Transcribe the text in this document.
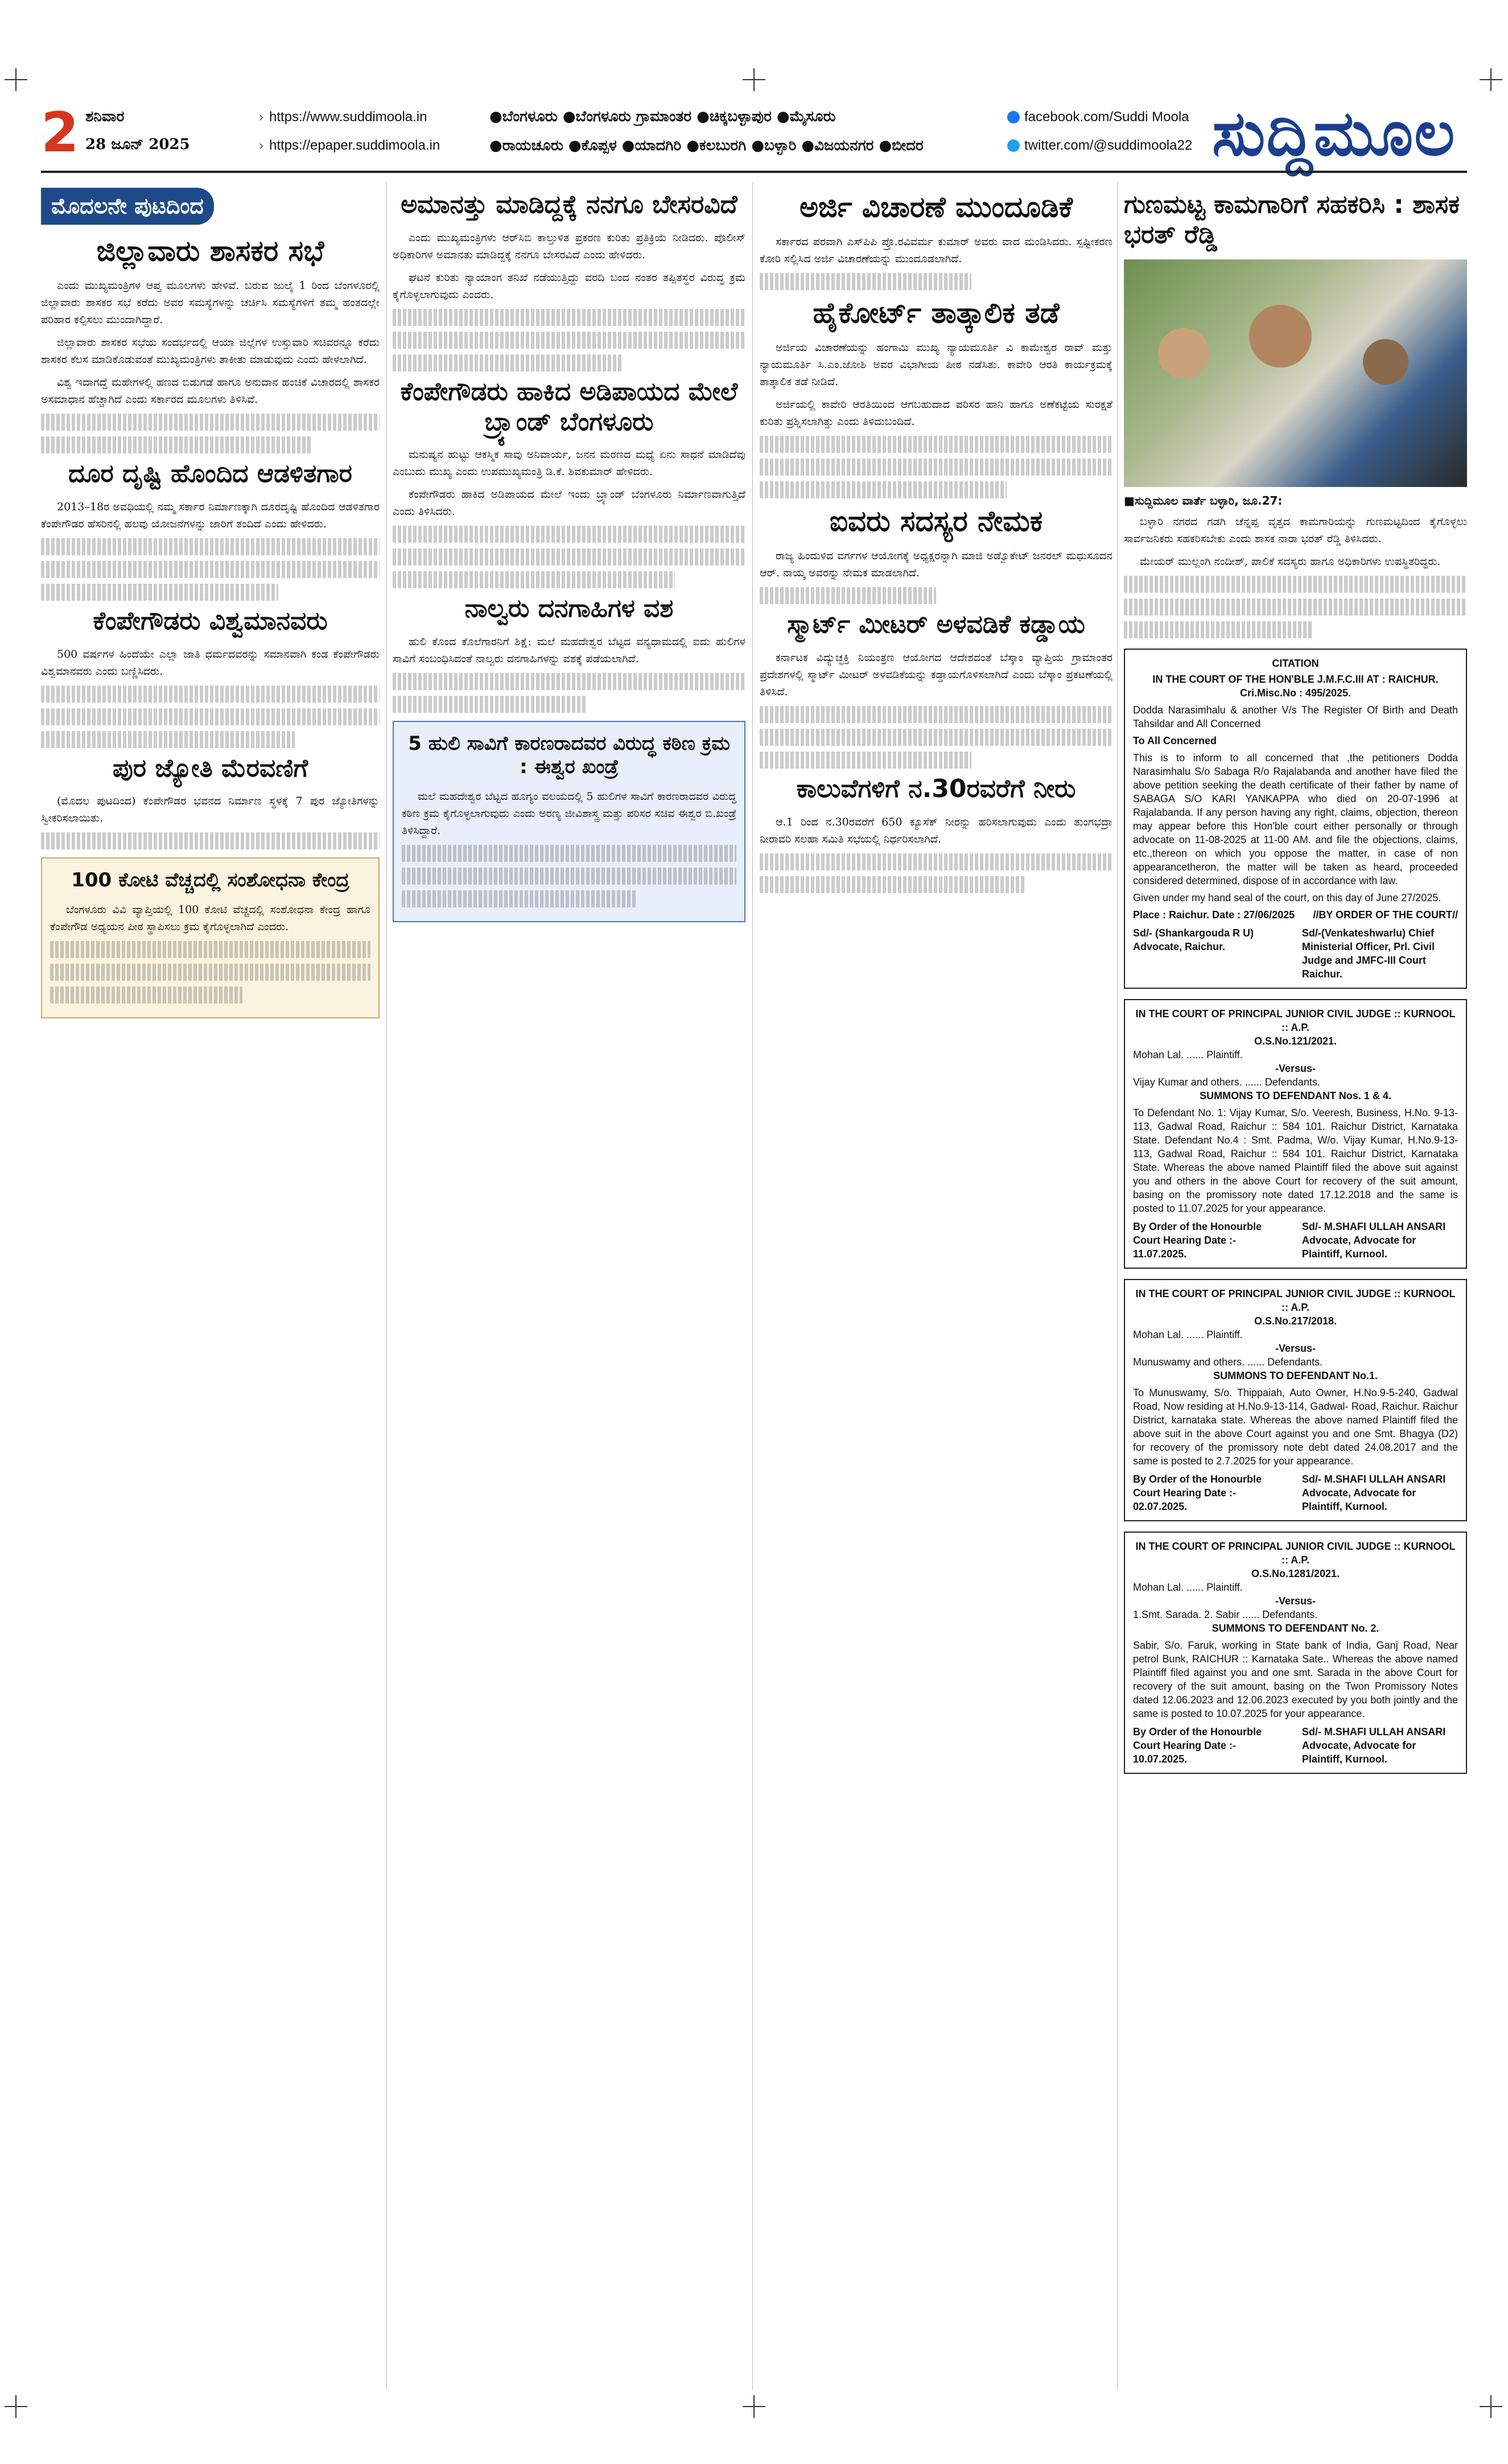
2 ಶನಿವಾರ
28 ಜೂನ್ 2025
› https://www.suddimoola.in
› https://epaper.suddimoola.in
●ಬೆಂಗಳೂರು ●ಬೆಂಗಳೂರು ಗ್ರಾಮಾಂತರ ●ಚಿಕ್ಕಬಳ್ಳಾಪುರ ●ಮೈಸೂರು
●ರಾಯಚೂರು ●ಕೊಪ್ಪಳ ●ಯಾದಗಿರಿ ●ಕಲಬುರಗಿ ●ಬಳ್ಳಾರಿ ●ವಿಜಯನಗರ ●ಬೀದರ
facebook.com/Suddi Moola
twitter.com/@suddimoola22 ಸುದ್ದಿಮೂಲ
ಮೊದಲನೇ ಪುಟದಿಂದ
ಜಿಲ್ಲಾವಾರು ಶಾಸಕರ ಸಭೆ

ಎಂದು ಮುಖ್ಯಮಂತ್ರಿಗಳ ಆಪ್ತ ಮೂಲಗಳು ಹೇಳಿವೆ. ಬರುವ ಜುಲೈ 1 ರಿಂದ ಬೆಂಗಳೂರಲ್ಲಿ ಜಿಲ್ಲಾವಾರು ಶಾಸಕರ ಸಭೆ ಕರೆದು ಅವರ ಸಮಸ್ಯೆಗಳನ್ನು ಚರ್ಚಿಸಿ ಸಮಸ್ಯೆಗಳಿಗೆ ತಮ್ಮ ಹಂತದಲ್ಲೇ ಪರಿಹಾರ ಕಲ್ಪಿಸಲು ಮುಂದಾಗಿದ್ದಾರೆ.

ಜಿಲ್ಲಾವಾರು ಶಾಸಕರ ಸಭೆಯ ಸಂದರ್ಭದಲ್ಲಿ ಆಯಾ ಜಿಲ್ಲೆಗಳ ಉಸ್ತುವಾರಿ ಸಚಿವರನ್ನೂ ಕರೆದು ಶಾಸಕರ ಕೆಲಸ ಮಾಡಿಕೊಡುವಂತೆ ಮುಖ್ಯಮಂತ್ರಿಗಳು ತಾಕೀತು ಮಾಡುವುದು ಎಂದು ಹೇಳಲಾಗಿದೆ.

ವಿಶ್ವ ಇದಾಗದ್ದೆ ಮಹೇಗಳಲ್ಲಿ ಹಣದ ಬಿಡುಗಡೆ ಹಾಗೂ ಅನುದಾನ ಹಂಚಿಕೆ ವಿಚಾರದಲ್ಲಿ ಶಾಸಕರ ಅಸಮಾಧಾನ ಹೆಚ್ಚಾಗಿದೆ ಎಂದು ಸರ್ಕಾರದ ಮೂಲಗಳು ತಿಳಿಸಿವೆ.

ದೂರ ದೃಷ್ಟಿ ಹೊಂದಿದ ಆಡಳಿತಗಾರ

2013–18ರ ಅವಧಿಯಲ್ಲಿ ನಮ್ಮ ಸರ್ಕಾರ ನಿರ್ಮಾಣಕ್ಕಾಗಿ ದೂರದೃಷ್ಟಿ ಹೊಂದಿದ ಆಡಳಿತಗಾರ ಕೆಂಪೇಗೌಡರ ಹೆಸರಿನಲ್ಲಿ ಹಲವು ಯೋಜನೆಗಳನ್ನು ಜಾರಿಗೆ ತಂದಿದೆ ಎಂದು ಹೇಳಿದರು.

ಕೆಂಪೇಗೌಡರು ವಿಶ್ವಮಾನವರು

500 ವರ್ಷಗಳ ಹಿಂದೆಯೇ ಎಲ್ಲಾ ಜಾತಿ ಧರ್ಮದವರನ್ನು ಸಮಾನವಾಗಿ ಕಂಡ ಕೆಂಪೇಗೌಡರು ವಿಶ್ವಮಾನವರು ಎಂದು ಬಣ್ಣಿಸಿದರು.

ಪುರ ಜ್ಯೋತಿ ಮೆರವಣಿಗೆ

(ಮೊದಲ ಪುಟದಿಂದ) ಕೆಂಪೇಗೌಡರ ಭವನದ ನಿರ್ಮಾಣ ಸ್ಥಳಕ್ಕೆ 7 ಪುರ ಜ್ಯೋತಿಗಳನ್ನು ಸ್ವೀಕರಿಸಲಾಯಿತು.

100 ಕೋಟಿ ವೆಚ್ಚದಲ್ಲಿ ಸಂಶೋಧನಾ ಕೇಂದ್ರ

ಬೆಂಗಳೂರು ವಿವಿ ವ್ಯಾಪ್ತಿಯಲ್ಲಿ 100 ಕೋಟಿ ವೆಚ್ಚದಲ್ಲಿ ಸಂಶೋಧನಾ ಕೇಂದ್ರ ಹಾಗೂ ಕೆಂಪೇಗೌಡ ಅಧ್ಯಯನ ಪೀಠ ಸ್ಥಾಪಿಸಲು ಕ್ರಮ ಕೈಗೊಳ್ಳಲಾಗಿದೆ ಎಂದರು.

ಅಮಾನತ್ತು ಮಾಡಿದ್ದಕ್ಕೆ ನನಗೂ ಬೇಸರವಿದೆ

ಎಂದು ಮುಖ್ಯಮಂತ್ರಿಗಳು ಆರ್‌ಸಿಬಿ ಕಾಲ್ತುಳಿತ ಪ್ರಕರಣ ಕುರಿತು ಪ್ರತಿಕ್ರಿಯೆ ನೀಡಿದರು. ಪೊಲೀಸ್ ಅಧಿಕಾರಿಗಳ ಅಮಾನತು ಮಾಡಿದ್ದಕ್ಕೆ ನನಗೂ ಬೇಸರವಿದೆ ಎಂದು ಹೇಳಿದರು.

ಘಟನೆ ಕುರಿತು ನ್ಯಾಯಾಂಗ ತನಿಖೆ ನಡೆಯುತ್ತಿದ್ದು ವರದಿ ಬಂದ ನಂತರ ತಪ್ಪಿತಸ್ಥರ ವಿರುದ್ಧ ಕ್ರಮ ಕೈಗೊಳ್ಳಲಾಗುವುದು ಎಂದರು.

ಕೆಂಪೇಗೌಡರು ಹಾಕಿದ ಅಡಿಪಾಯದ ಮೇಲೆ ಬ್ರ್ಯಾಂಡ್ ಬೆಂಗಳೂರು

ಮನುಷ್ಯನ ಹುಟ್ಟು ಆಕಸ್ಮಿಕ ಸಾವು ಅನಿವಾರ್ಯ, ಜನನ ಮರಣದ ಮಧ್ಯೆ ಏನು ಸಾಧನೆ ಮಾಡಿದೆವು ಎಂಬುದು ಮುಖ್ಯ ಎಂದು ಉಪಮುಖ್ಯಮಂತ್ರಿ ಡಿ.ಕೆ. ಶಿವಕುಮಾರ್ ಹೇಳಿದರು.

ಕೆಂಪೇಗೌಡರು ಹಾಕಿದ ಅಡಿಪಾಯದ ಮೇಲೆ ಇಂದು ಬ್ರ್ಯಾಂಡ್ ಬೆಂಗಳೂರು ನಿರ್ಮಾಣವಾಗುತ್ತಿದೆ ಎಂದು ತಿಳಿಸಿದರು.

ನಾಲ್ವರು ದನಗಾಹಿಗಳ ವಶ

ಹುಲಿ ಕೊಂದ ಕೊಲೆಗಾರನಿಗೆ ಶಿಕ್ಷೆ: ಮಲೆ ಮಹದೇಶ್ವರ ಬೆಟ್ಟದ ವನ್ಯಧಾಮದಲ್ಲಿ ಐದು ಹುಲಿಗಳ ಸಾವಿಗೆ ಸಂಬಂಧಿಸಿದಂತೆ ನಾಲ್ವರು ದನಗಾಹಿಗಳನ್ನು ವಶಕ್ಕೆ ಪಡೆಯಲಾಗಿದೆ.

5 ಹುಲಿ ಸಾವಿಗೆ ಕಾರಣರಾದವರ ವಿರುದ್ಧ ಕಠಿಣ ಕ್ರಮ : ಈಶ್ವರ ಖಂಡ್ರೆ

ಮಲೆ ಮಹದೇಶ್ವರ ಬೆಟ್ಟದ ಹೂಗ್ಯಂ ವಲಯದಲ್ಲಿ 5 ಹುಲಿಗಳ ಸಾವಿಗೆ ಕಾರಣರಾದವರ ವಿರುದ್ಧ ಕಠಿಣ ಕ್ರಮ ಕೈಗೊಳ್ಳಲಾಗುವುದು ಎಂದು ಅರಣ್ಯ ಜೀವಿಶಾಸ್ತ್ರ ಮತ್ತು ಪರಿಸರ ಸಚಿವ ಈಶ್ವರ ಬಿ.ಖಂಡ್ರೆ ತಿಳಿಸಿದ್ದಾರೆ.

ಅರ್ಜಿ ವಿಚಾರಣೆ ಮುಂದೂಡಿಕೆ

ಸರ್ಕಾರದ ಪರವಾಗಿ ಎಸ್‌ಪಿಪಿ ಪ್ರೊ.ರವಿವರ್ಮ ಕುಮಾರ್ ಅವರು ವಾದ ಮಂಡಿಸಿದರು. ಸ್ಪಷ್ಟೀಕರಣ ಕೋರಿ ಸಲ್ಲಿಸಿದ ಅರ್ಜಿ ವಿಚಾರಣೆಯನ್ನು ಮುಂದೂಡಲಾಗಿದೆ.

ಹೈಕೋರ್ಟ್ ತಾತ್ಕಾಲಿಕ ತಡೆ

ಅರ್ಜಿಯ ವಿಚಾರಣೆಯನ್ನು ಹಂಗಾಮಿ ಮುಖ್ಯ ನ್ಯಾಯಮೂರ್ತಿ ವಿ ಕಾಮೇಶ್ವರ ರಾವ್ ಮತ್ತು ನ್ಯಾಯಮೂರ್ತಿ ಸಿ.ಎಂ.ಜೋಶಿ ಅವರ ವಿಭಾಗೀಯ ಪೀಠ ನಡೆಸಿತು. ಕಾವೇರಿ ಆರತಿ ಕಾರ್ಯಕ್ರಮಕ್ಕೆ ತಾತ್ಕಾಲಿಕ ತಡೆ ನೀಡಿದೆ.

ಅರ್ಜಿಯಲ್ಲಿ ಕಾವೇರಿ ಆರತಿಯಿಂದ ಆಗಬಹುದಾದ ಪರಿಸರ ಹಾನಿ ಹಾಗೂ ಅಣೆಕಟ್ಟೆಯ ಸುರಕ್ಷತೆ ಕುರಿತು ಪ್ರಶ್ನಿಸಲಾಗಿತ್ತು ಎಂದು ತಿಳಿದುಬಂದಿದೆ.

ಐವರು ಸದಸ್ಯರ ನೇಮಕ

ರಾಜ್ಯ ಹಿಂದುಳಿದ ವರ್ಗಗಳ ಆಯೋಗಕ್ಕೆ ಅಧ್ಯಕ್ಷರನ್ನಾಗಿ ಮಾಜಿ ಅಡ್ವೊಕೇಟ್ ಜನರಲ್ ಮಧುಸೂದನ ಆರ್. ನಾಯ್ಕ ಅವರನ್ನು ನೇಮಕ ಮಾಡಲಾಗಿದೆ.

ಸ್ಮಾರ್ಟ್ ಮೀಟರ್ ಅಳವಡಿಕೆ ಕಡ್ಡಾಯ

ಕರ್ನಾಟಕ ವಿದ್ಯುಚ್ಛಕ್ತಿ ನಿಯಂತ್ರಣ ಆಯೋಗದ ಆದೇಶದಂತೆ ಬೆಸ್ಕಾಂ ವ್ಯಾಪ್ತಿಯ ಗ್ರಾಮಾಂತರ ಪ್ರದೇಶಗಳಲ್ಲಿ ಸ್ಮಾರ್ಟ್ ಮೀಟರ್ ಅಳವಡಿಕೆಯನ್ನು ಕಡ್ಡಾಯಗೊಳಿಸಲಾಗಿದೆ ಎಂದು ಬೆಸ್ಕಾಂ ಪ್ರಕಟಣೆಯಲ್ಲಿ ತಿಳಿಸಿದೆ.

ಕಾಲುವೆಗಳಿಗೆ ನ.30ರವರೆಗೆ ನೀರು

ಆ.1 ರಿಂದ ನ.30ರವರೆಗೆ 650 ಕ್ಯೂಸೆಕ್ ನೀರನ್ನು ಹರಿಸಲಾಗುವುದು ಎಂದು ತುಂಗಭದ್ರಾ ನೀರಾವರಿ ಸಲಹಾ ಸಮಿತಿ ಸಭೆಯಲ್ಲಿ ನಿರ್ಧರಿಸಲಾಗಿದೆ.

ಗುಣಮಟ್ಟ ಕಾಮಗಾರಿಗೆ ಸಹಕರಿಸಿ : ಶಾಸಕ ಭರತ್ ರೆಡ್ಡಿ
■ಸುದ್ದಿಮೂಲ ವಾರ್ತೆ ಬಳ್ಳಾರಿ, ಜೂ.27:

ಬಳ್ಳಾರಿ ನಗರದ ಗಡಗಿ ಚೆನ್ನಪ್ಪ ವೃತ್ತದ ಕಾಮಗಾರಿಯನ್ನು ಗುಣಮಟ್ಟದಿಂದ ಕೈಗೊಳ್ಳಲು ಸಾರ್ವಜನಿಕರು ಸಹಕರಿಸಬೇಕು ಎಂದು ಶಾಸಕ ನಾರಾ ಭರತ್ ರೆಡ್ಡಿ ತಿಳಿಸಿದರು.

ಮೇಯರ್ ಮುಲ್ಲಂಗಿ ನಂದೀಶ್, ಪಾಲಿಕೆ ಸದಸ್ಯರು ಹಾಗೂ ಅಧಿಕಾರಿಗಳು ಉಪಸ್ಥಿತರಿದ್ದರು.

CITATION
IN THE COURT OF THE HON'BLE J.M.F.C.III AT : RAICHUR.
Cri.Misc.No : 495/2025.

Dodda Narasimhalu & another V/s The Register Of Birth and Death Tahsildar and All Concerned

To All Concerned

This is to inform to all concerned that ,the petitioners Dodda Narasimhalu S/o Sabaga R/o Rajalabanda and another have filed the above petition seeking the death certificate of their father by name of SABAGA S/O KARI YANKAPPA who died on 20-07-1996 at Rajalabanda. If any person having any right, claims, objection, thereon may appear before this Hon'ble court either personally or through advocate on 11-08-2025 at 11-00 AM. and file the objections, claims, etc.,thereon on which you oppose the matter, in case of non appearancetheron, the matter will be taken as heard, proceeded considered determined, dispose of in accordance with law.

Given under my hand seal of the court, on this day of June 27/2025.

Place : Raichur. Date : 27/06/2025 //BY ORDER OF THE COURT//
Sd/- (Shankargouda R U) Advocate, Raichur.
Sd/-(Venkateshwarlu) Chief Ministerial Officer, Prl. Civil Judge and JMFC-III Court Raichur.
IN THE COURT OF PRINCIPAL JUNIOR CIVIL JUDGE :: KURNOOL :: A.P.
O.S.No.121/2021.
Mohan Lal. ...... Plaintiff.
-Versus-
Vijay Kumar and others. ...... Defendants.
SUMMONS TO DEFENDANT Nos. 1 & 4.

To Defendant No. 1: Vijay Kumar, S/o. Veeresh, Business, H.No. 9-13-113, Gadwal Road, Raichur :: 584 101. Raichur District, Karnataka State. Defendant No.4 : Smt. Padma, W/o. Vijay Kumar, H.No.9-13-113, Gadwal Road, Raichur :: 584 101. Raichur District, Karnataka State. Whereas the above named Plaintiff filed the above suit against you and others in the above Court for recovery of the suit amount, basing on the promissory note dated 17.12.2018 and the same is posted to 11.07.2025 for your appearance.

By Order of the Honourble Court Hearing Date :- 11.07.2025.
Sd/- M.SHAFI ULLAH ANSARI Advocate, Advocate for Plaintiff, Kurnool.
IN THE COURT OF PRINCIPAL JUNIOR CIVIL JUDGE :: KURNOOL :: A.P.
O.S.No.217/2018.
Mohan Lal. ...... Plaintiff.
-Versus-
Munuswamy and others. ...... Defendants.
SUMMONS TO DEFENDANT No.1.

To Munuswamy, S/o. Thippaiah, Auto Owner, H.No.9-5-240, Gadwal Road, Now residing at H.No.9-13-114, Gadwal- Road, Raichur. Raichur District, karnataka state. Whereas the above named Plaintiff filed the above suit in the above Court against you and one Smt. Bhagya (D2) for recovery of the promissory note debt dated 24.08.2017 and the same is posted to 2.7.2025 for your appearance.

By Order of the Honourble Court Hearing Date :- 02.07.2025.
Sd/- M.SHAFI ULLAH ANSARI Advocate, Advocate for Plaintiff, Kurnool.
IN THE COURT OF PRINCIPAL JUNIOR CIVIL JUDGE :: KURNOOL :: A.P.
O.S.No.1281/2021.
Mohan Lal. ...... Plaintiff.
-Versus-
1.Smt. Sarada. 2. Sabir ...... Defendants.
SUMMONS TO DEFENDANT No. 2.

Sabir, S/o. Faruk, working in State bank of India, Ganj Road, Near petrol Bunk, RAICHUR :: Karnataka Sate.. Whereas the above named Plaintiff filed against you and one smt. Sarada in the above Court for recovery of the suit amount, basing on the Twon Promissory Notes dated 12.06.2023 and 12.06.2023 executed by you both jointly and the same is posted to 10.07.2025 for your appearance.

By Order of the Honourble Court Hearing Date :- 10.07.2025.
Sd/- M.SHAFI ULLAH ANSARI Advocate, Advocate for Plaintiff, Kurnool.
